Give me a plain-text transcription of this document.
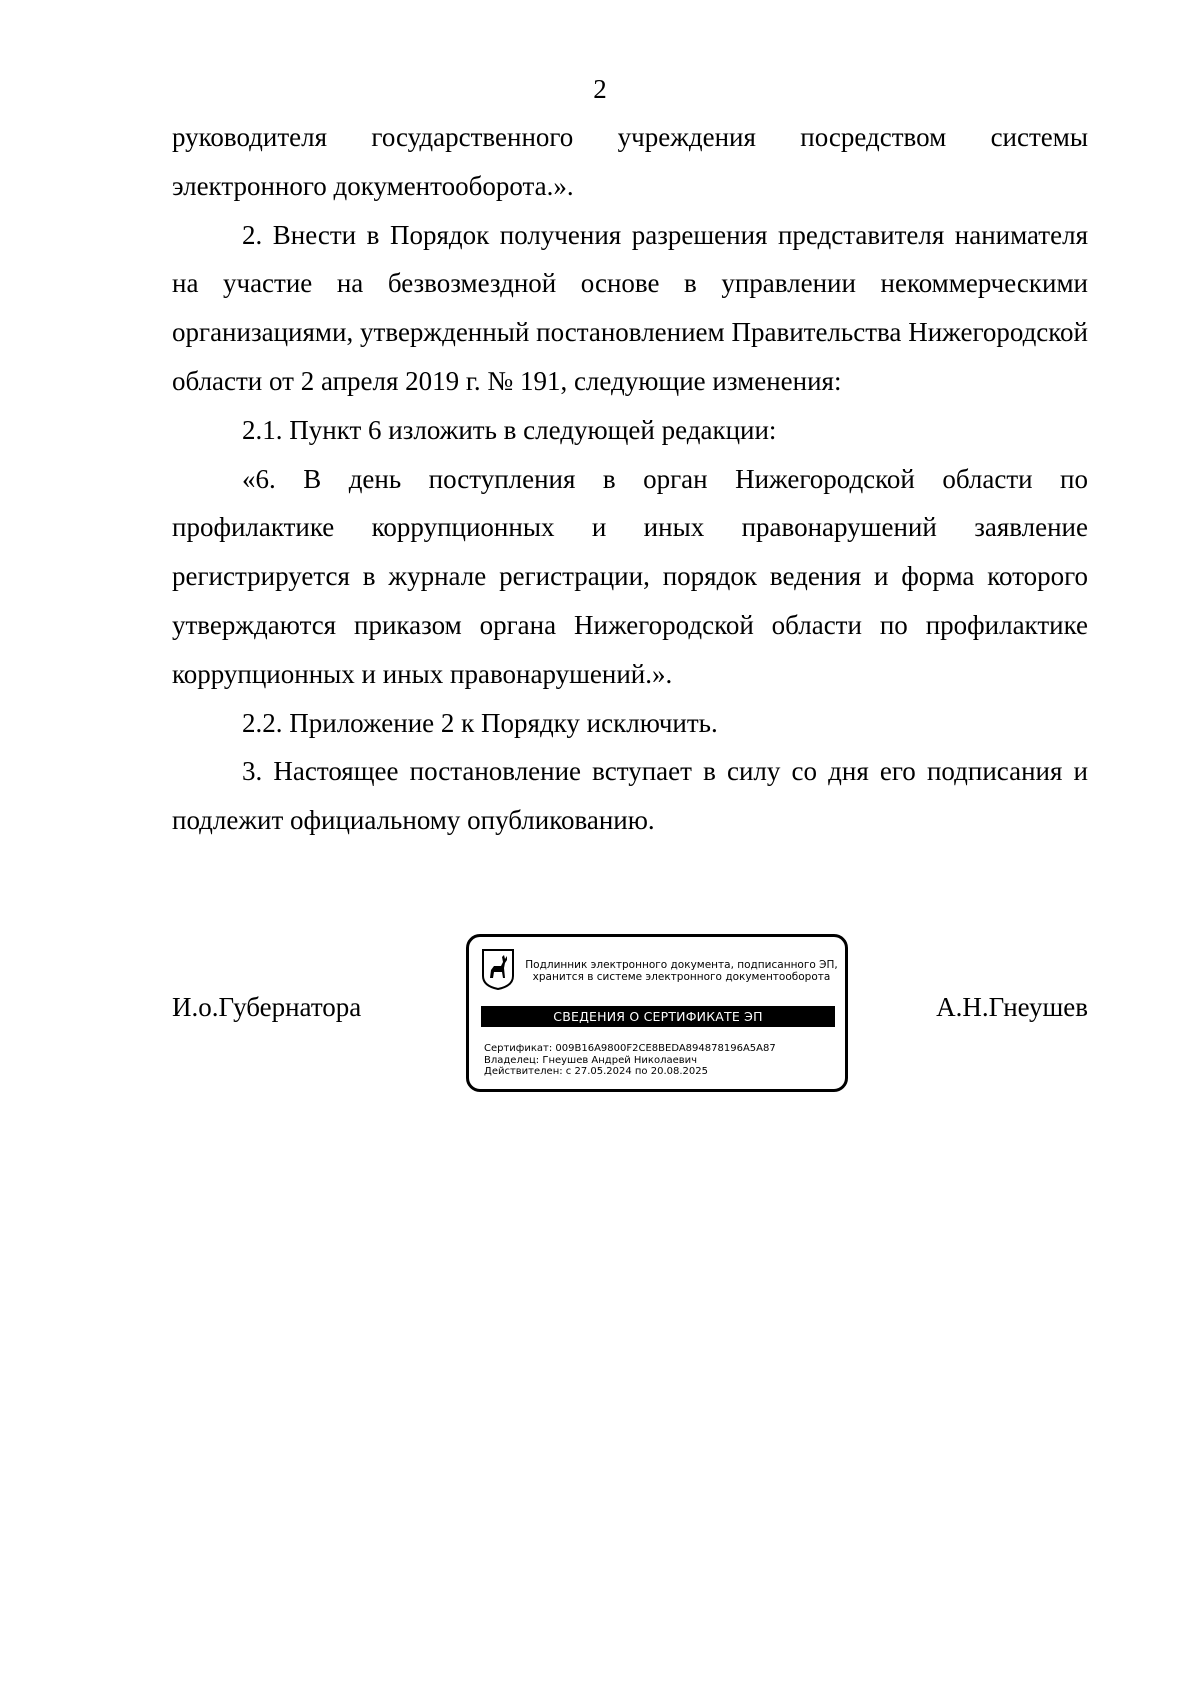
2

руководителя государственного учреждения посредством системы электронного документооборота.».

2. Внести в Порядок получения разрешения представителя нанимателя на участие на безвозмездной основе в управлении некоммерческими организациями, утвержденный постановлением Правительства Нижегородской области от 2 апреля 2019 г. № 191, следующие изменения:

2.1. Пункт 6 изложить в следующей редакции:

«6. В день поступления в орган Нижегородской области по профилактике коррупционных и иных правонарушений заявление регистрируется в журнале регистрации, порядок ведения и форма которого утверждаются приказом органа Нижегородской области по профилактике коррупционных и иных правонарушений.».

2.2. Приложение 2 к Порядку исключить.

3. Настоящее постановление вступает в силу со дня его подписания и подлежит официальному опубликованию.

И.о.Губернатора
Подлинник электронного документа, подписанного ЭП,
хранится в системе электронного документооборота
СВЕДЕНИЯ О СЕРТИФИКАТЕ ЭП
Сертификат: 009B16A9800F2CE8BEDA894878196A5A87
Владелец: Гнеушев Андрей Николаевич
Действителен: с 27.05.2024 по 20.08.2025
А.Н.Гнеушев
